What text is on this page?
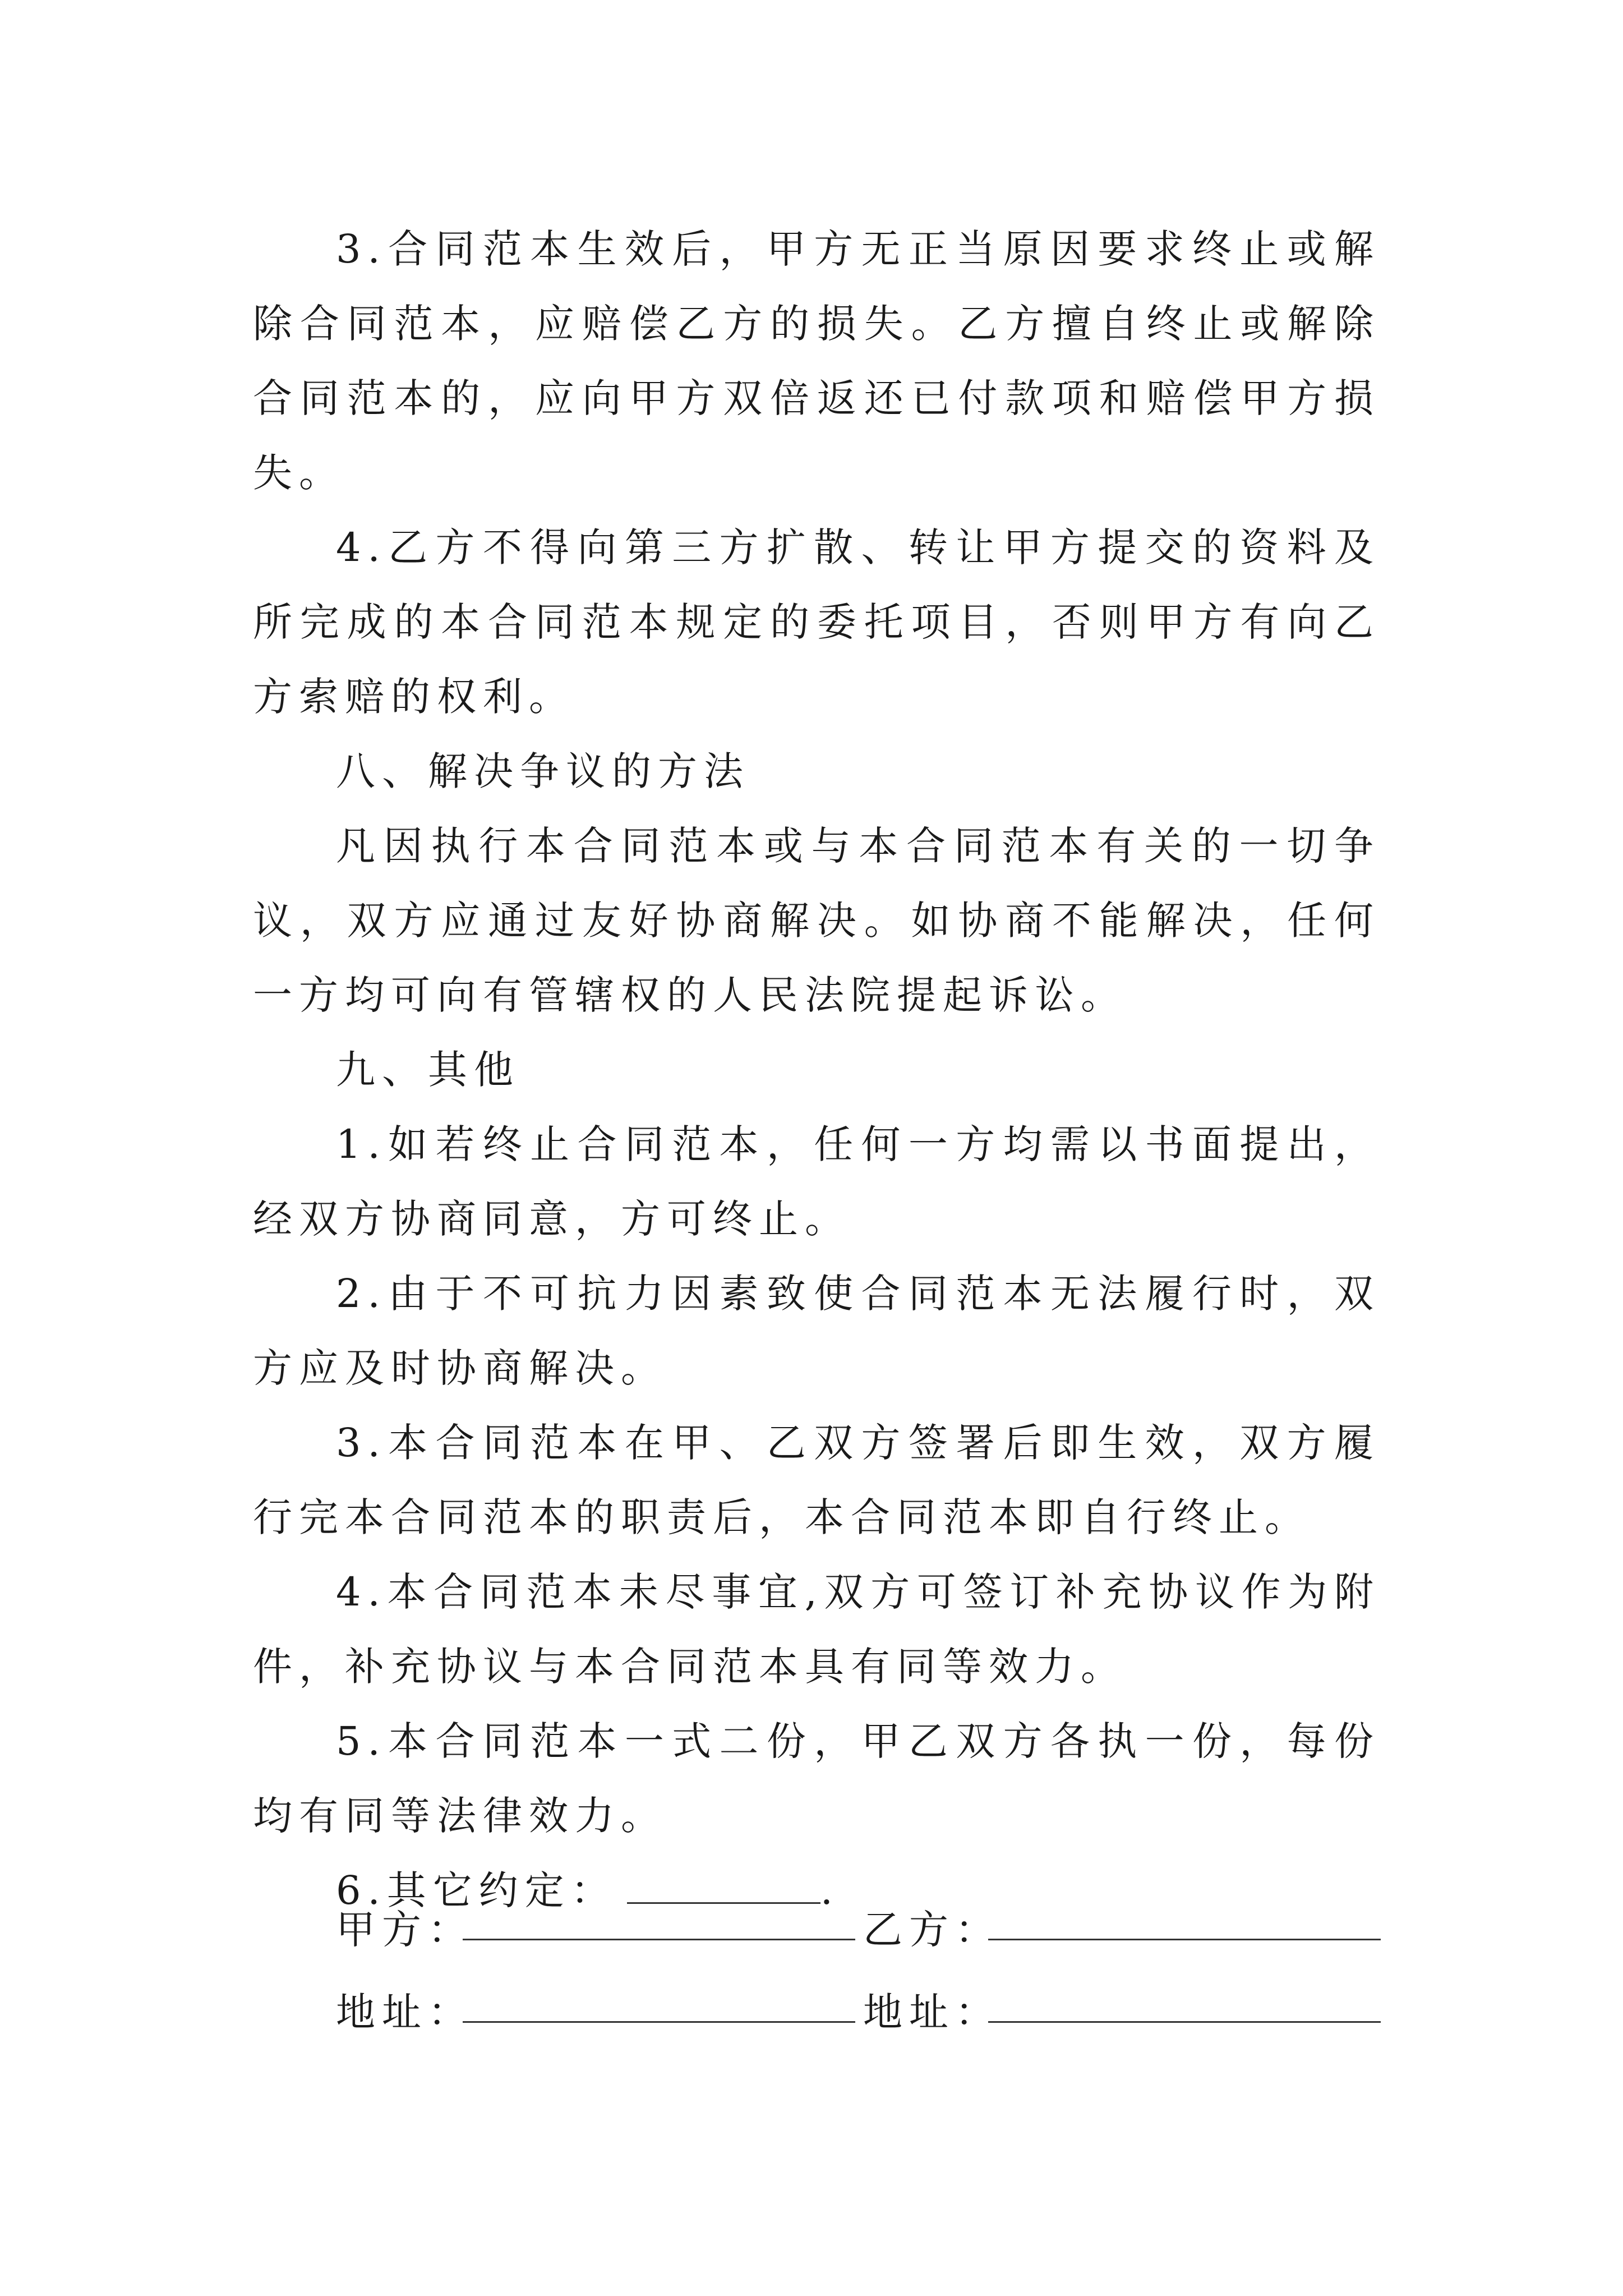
3.合同范本生效后，甲方无正当原因要求终止或解除合同范本，应赔偿乙方的损失。乙方擅自终止或解除合同范本的，应向甲方双倍返还已付款项和赔偿甲方损失。

4.乙方不得向第三方扩散、转让甲方提交的资料及所完成的本合同范本规定的委托项目，否则甲方有向乙方索赔的权利。

八、解决争议的方法

凡因执行本合同范本或与本合同范本有关的一切争议，双方应通过友好协商解决。如协商不能解决，任何一方均可向有管辖权的人民法院提起诉讼。

九、其他

1.如若终止合同范本，任何一方均需以书面提出，经双方协商同意，方可终止。

2.由于不可抗力因素致使合同范本无法履行时，双方应及时协商解决。

3.本合同范本在甲、乙双方签署后即生效，双方履行完本合同范本的职责后，本合同范本即自行终止。

4.本合同范本未尽事宜,双方可签订补充协议作为附件，补充协议与本合同范本具有同等效力。

5.本合同范本一式二份，甲乙双方各执一份，每份均有同等法律效力。

6.其它约定：	.

甲方：	乙方：
地址：	地址：
